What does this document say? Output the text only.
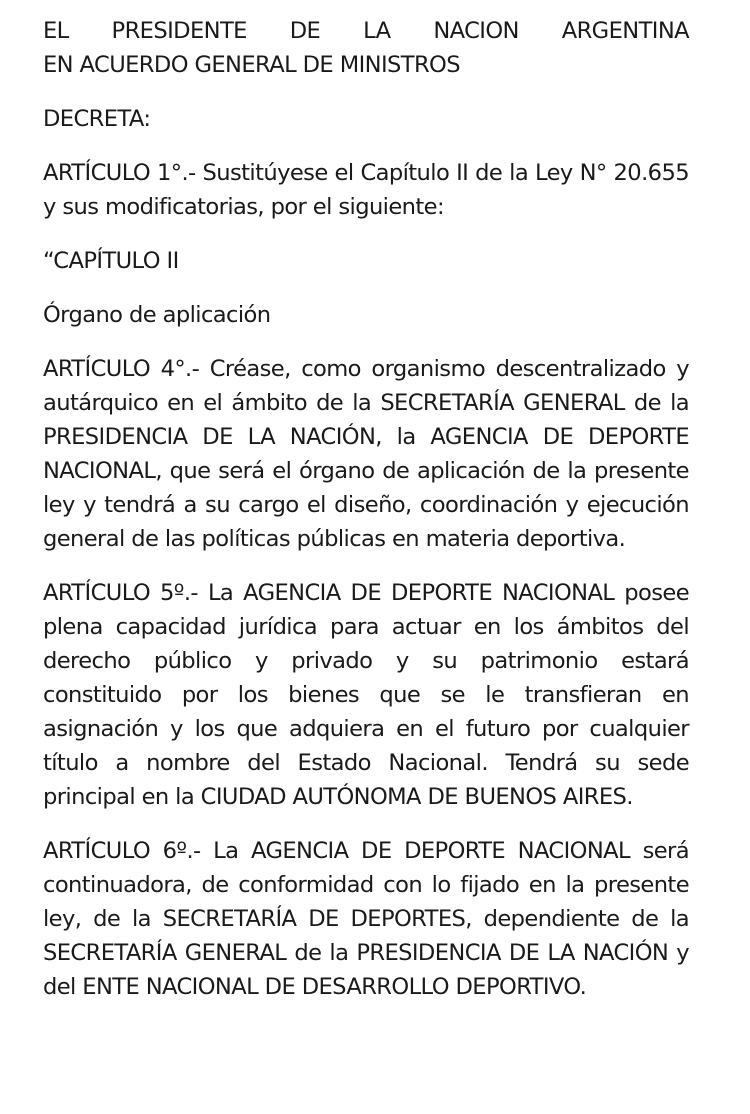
EL PRESIDENTE DE LA NACION ARGENTINA

EN ACUERDO GENERAL DE MINISTROS

DECRETA:

ARTÍCULO 1°.- Sustitúyese el Capítulo II de la Ley N° 20.655 y sus modificatorias, por el siguiente:

“CAPÍTULO II

Órgano de aplicación

ARTÍCULO 4°.- Créase, como organismo descentralizado y autárquico en el ámbito de la SECRETARÍA GENERAL de la PRESIDENCIA DE LA NACIÓN, la AGENCIA DE DEPORTE NACIONAL, que será el órgano de aplicación de la presente ley y tendrá a su cargo el diseño, coordinación y ejecución general de las políticas públicas en materia deportiva.

ARTÍCULO 5º.- La AGENCIA DE DEPORTE NACIONAL posee plena capacidad jurídica para actuar en los ámbitos del derecho público y privado y su patrimonio estará constituido por los bienes que se le transfieran en asignación y los que adquiera en el futuro por cualquier título a nombre del Estado Nacional. Tendrá su sede principal en la CIUDAD AUTÓNOMA DE BUENOS AIRES.

ARTÍCULO 6º.- La AGENCIA DE DEPORTE NACIONAL será continuadora, de conformidad con lo fijado en la presente ley, de la SECRETARÍA DE DEPORTES, dependiente de la SECRETARÍA GENERAL de la PRESIDENCIA DE LA NACIÓN y del ENTE NACIONAL DE DESARROLLO DEPORTIVO.
